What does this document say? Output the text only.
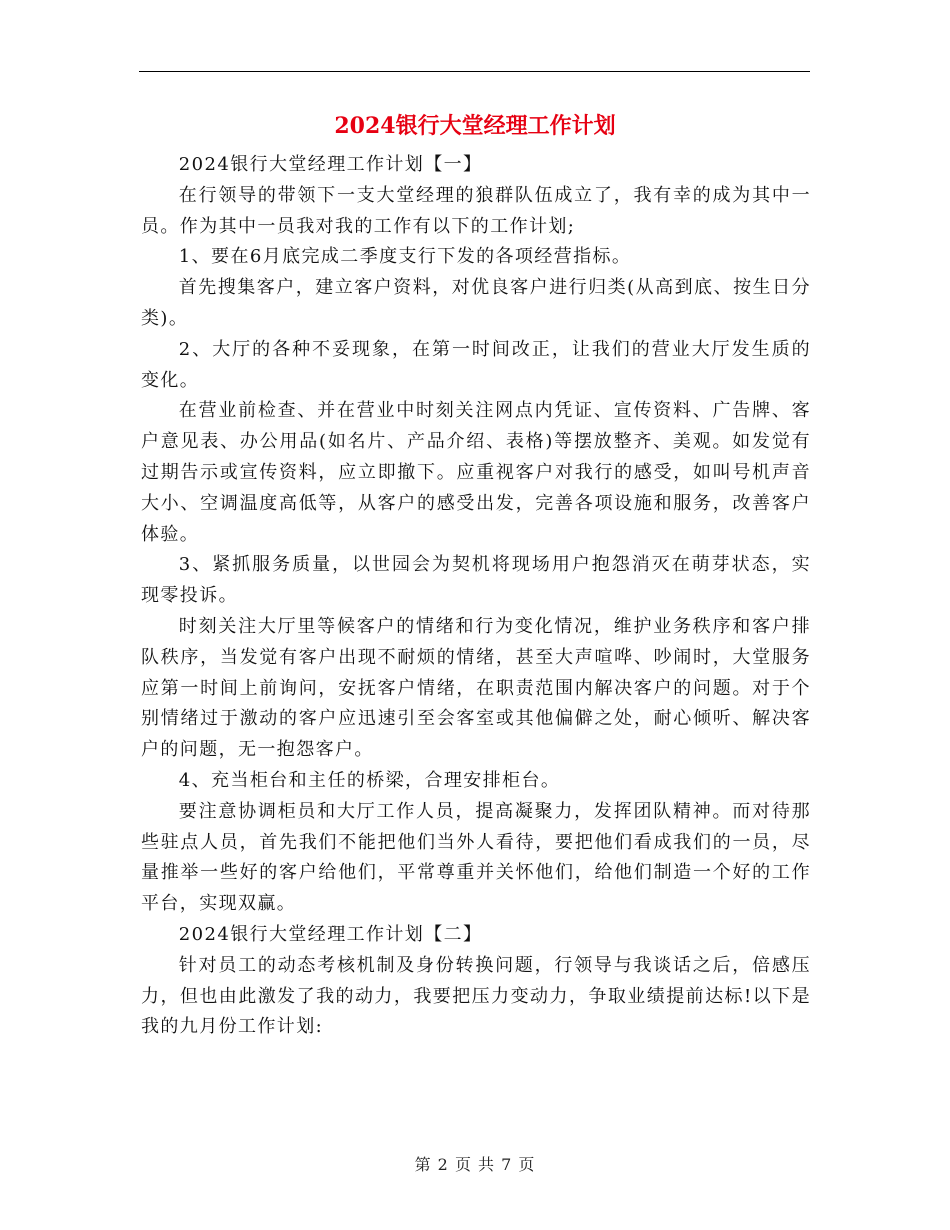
2024银行大堂经理工作计划

2024银行大堂经理工作计划【一】

在行领导的带领下一支大堂经理的狼群队伍成立了，我有幸的成为其中一员。作为其中一员我对我的工作有以下的工作计划;

1、要在6月底完成二季度支行下发的各项经营指标。

首先搜集客户，建立客户资料，对优良客户进行归类(从高到底、按生日分类)。

2、大厅的各种不妥现象，在第一时间改正，让我们的营业大厅发生质的变化。

在营业前检查、并在营业中时刻关注网点内凭证、宣传资料、广告牌、客户意见表、办公用品(如名片、产品介绍、表格)等摆放整齐、美观。如发觉有过期告示或宣传资料，应立即撤下。应重视客户对我行的感受，如叫号机声音大小、空调温度高低等，从客户的感受出发，完善各项设施和服务，改善客户体验。

3、紧抓服务质量，以世园会为契机将现场用户抱怨消灭在萌芽状态，实现零投诉。

时刻关注大厅里等候客户的情绪和行为变化情况，维护业务秩序和客户排队秩序，当发觉有客户出现不耐烦的情绪，甚至大声喧哗、吵闹时，大堂服务应第一时间上前询问，安抚客户情绪，在职责范围内解决客户的问题。对于个别情绪过于激动的客户应迅速引至会客室或其他偏僻之处，耐心倾听、解决客户的问题，无一抱怨客户。

4、充当柜台和主任的桥梁，合理安排柜台。

要注意协调柜员和大厅工作人员，提高凝聚力，发挥团队精神。而对待那些驻点人员，首先我们不能把他们当外人看待，要把他们看成我们的一员，尽量推举一些好的客户给他们，平常尊重并关怀他们，给他们制造一个好的工作平台，实现双赢。

2024银行大堂经理工作计划【二】

针对员工的动态考核机制及身份转换问题，行领导与我谈话之后，倍感压力，但也由此激发了我的动力，我要把压力变动力，争取业绩提前达标!以下是我的九月份工作计划:

第 2 页 共 7 页
